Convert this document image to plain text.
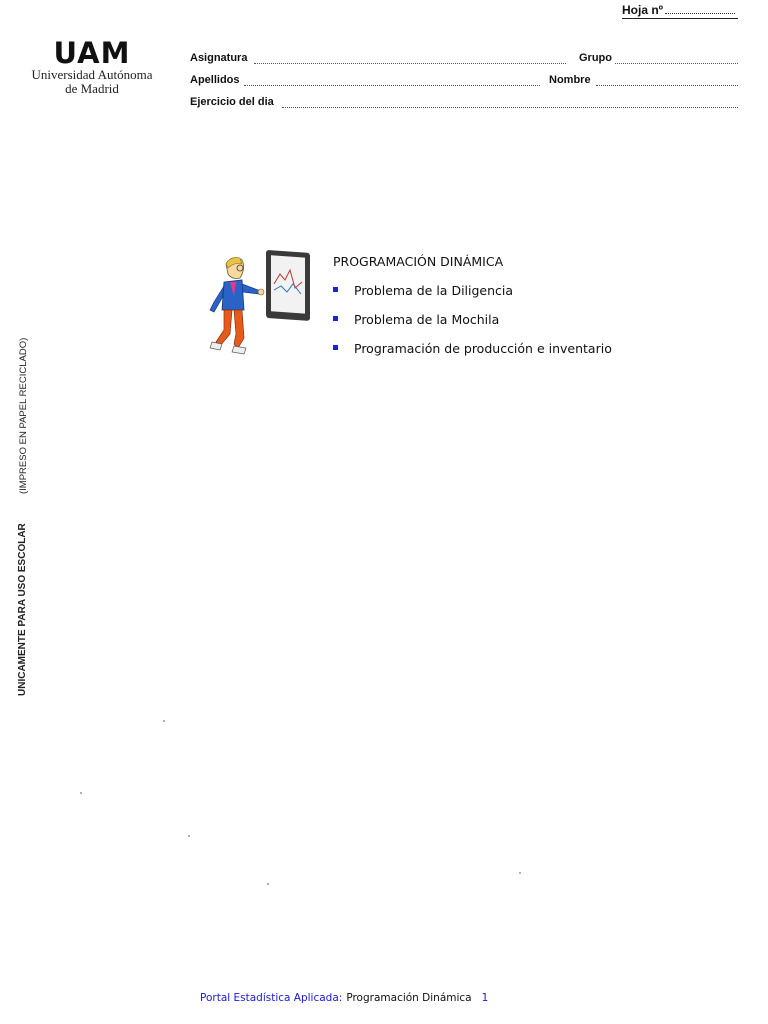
Hoja nº
UAM
Universidad Autónoma
de Madrid
Asignatura	Grupo
Apellidos	Nombre
Ejercicio del dia
PROGRAMACIÓN DINÁMICA
Problema de la Diligencia
Problema de la Mochila
Programación de producción e inventario
(IMPRESO EN PAPEL RECICLADO)
UNICAMENTE PARA USO ESCOLAR
Portal Estadística Aplicada: Programación Dinámica 1
